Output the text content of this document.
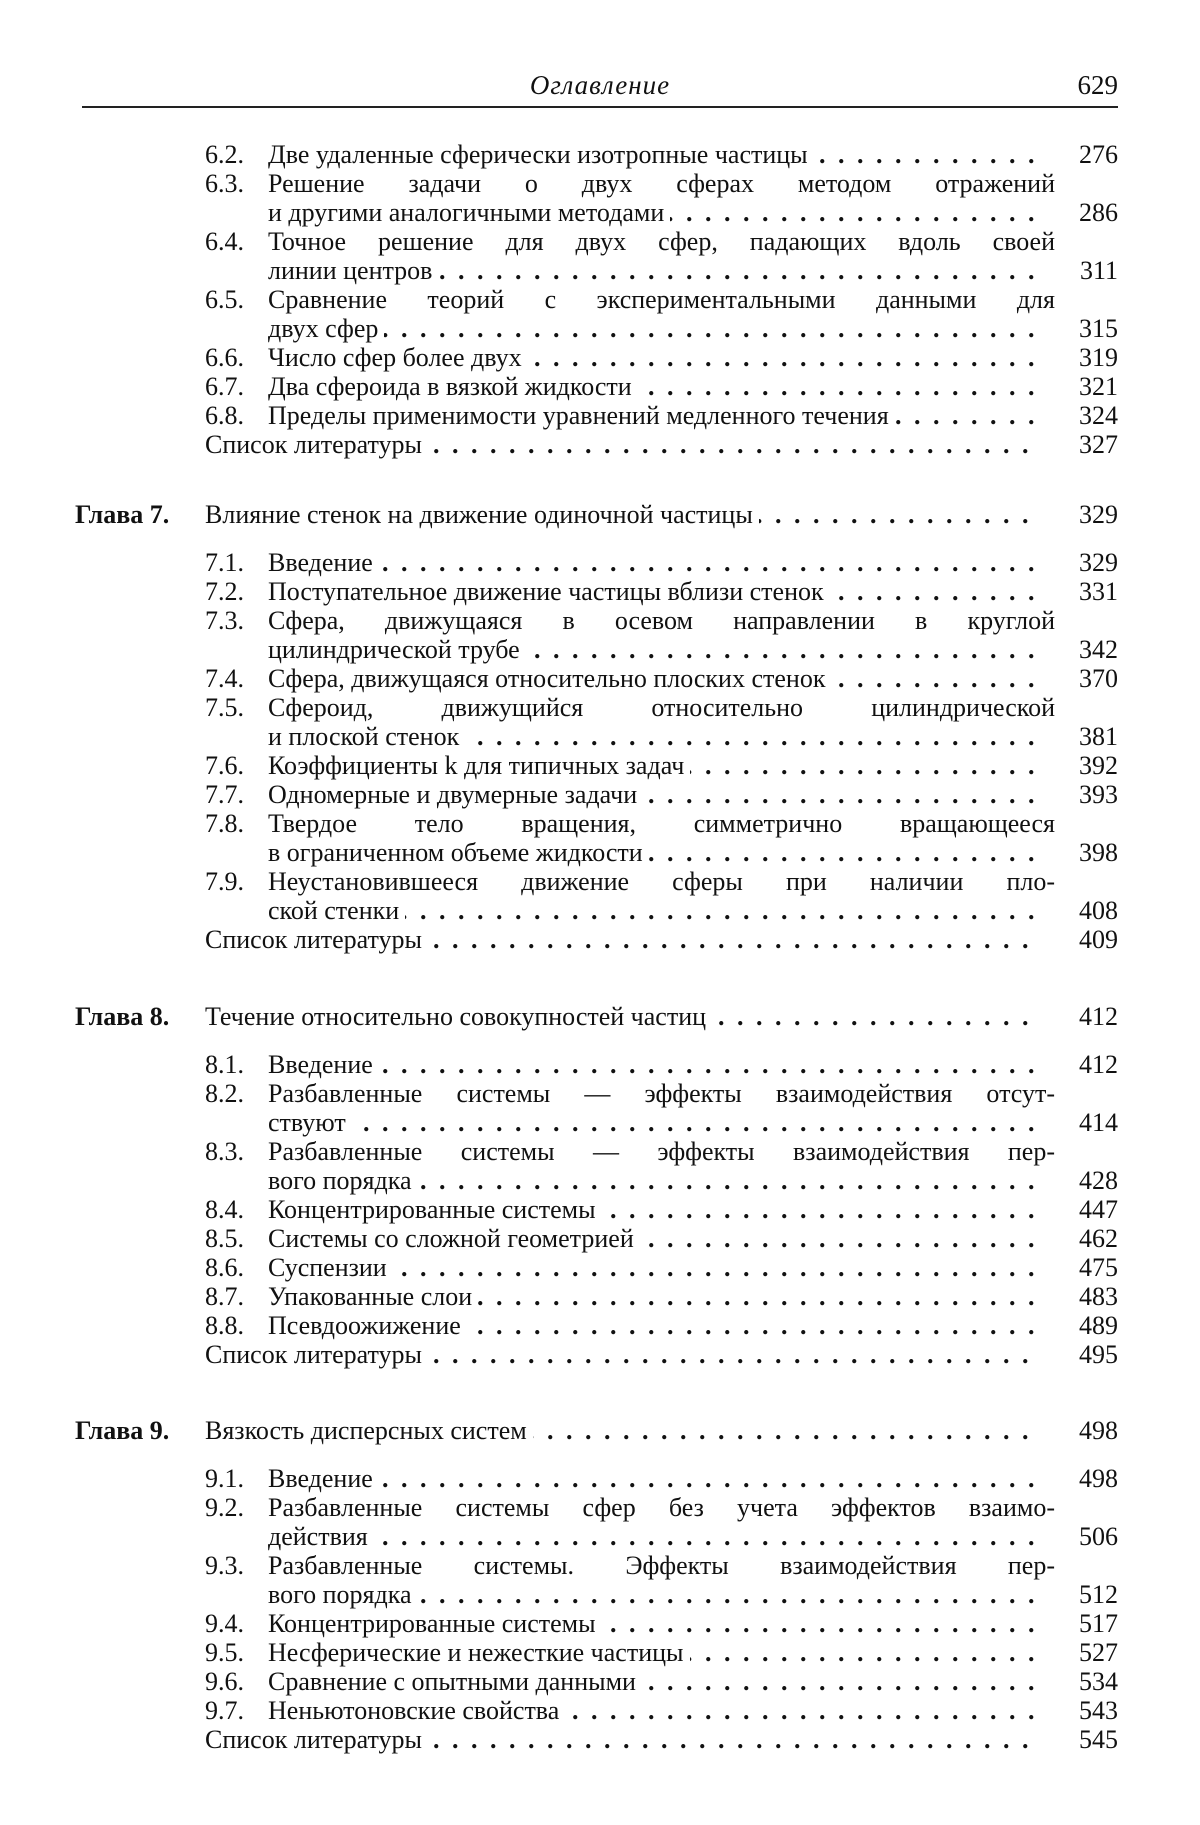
Оглавление	629
6.2. Две удаленные сферически изотропные частицы . . .	276
6.3. Решение задачи о двух сферах методом отражений
и другими аналогичными методами . . .	286
6.4. Точное решение для двух сфер, падающих вдоль своей
линии центров . . .	311
6.5. Сравнение теорий с экспериментальными данными для
двух сфер . . .	315
6.6. Число сфер более двух . . .	319
6.7. Два сфероида в вязкой жидкости . . .	321
6.8. Пределы применимости уравнений медленного течения . . .	324
Список литературы . . .	327
Глава 7.	Влияние стенок на движение одиночной частицы . . .	329
7.1. Введение . . .	329
7.2. Поступательное движение частицы вблизи стенок . . .	331
7.3. Сфера, движущаяся в осевом направлении в круглой
цилиндрической трубе . . .	342
7.4. Сфера, движущаяся относительно плоских стенок . . .	370
7.5. Сфероид, движущийся относительно цилиндрической
и плоской стенок . . .	381
7.6. Коэффициенты k для типичных задач . . .	392
7.7. Одномерные и двумерные задачи . . .	393
7.8. Твердое тело вращения, симметрично вращающееся
в ограниченном объеме жидкости . . .	398
7.9. Неустановившееся движение сферы при наличии пло-
ской стенки . . .	408
Список литературы . . .	409
Глава 8.	Течение относительно совокупностей частиц . . .	412
8.1. Введение . . .	412
8.2. Разбавленные системы — эффекты взаимодействия отсут-
ствуют . . .	414
8.3. Разбавленные системы — эффекты взаимодействия пер-
вого порядка . . .	428
8.4. Концентрированные системы . . .	447
8.5. Системы со сложной геометрией . . .	462
8.6. Суспензии . . .	475
8.7. Упакованные слои . . .	483
8.8. Псевдоожижение . . .	489
Список литературы . . .	495
Глава 9.	Вязкость дисперсных систем . . .	498
9.1. Введение . . .	498
9.2. Разбавленные системы сфер без учета эффектов взаимо-
действия . . .	506
9.3. Разбавленные системы. Эффекты взаимодействия пер-
вого порядка . . .	512
9.4. Концентрированные системы . . .	517
9.5. Несферические и нежесткие частицы . . .	527
9.6. Сравнение с опытными данными . . .	534
9.7. Неньютоновские свойства . . .	543
Список литературы . . .	545
